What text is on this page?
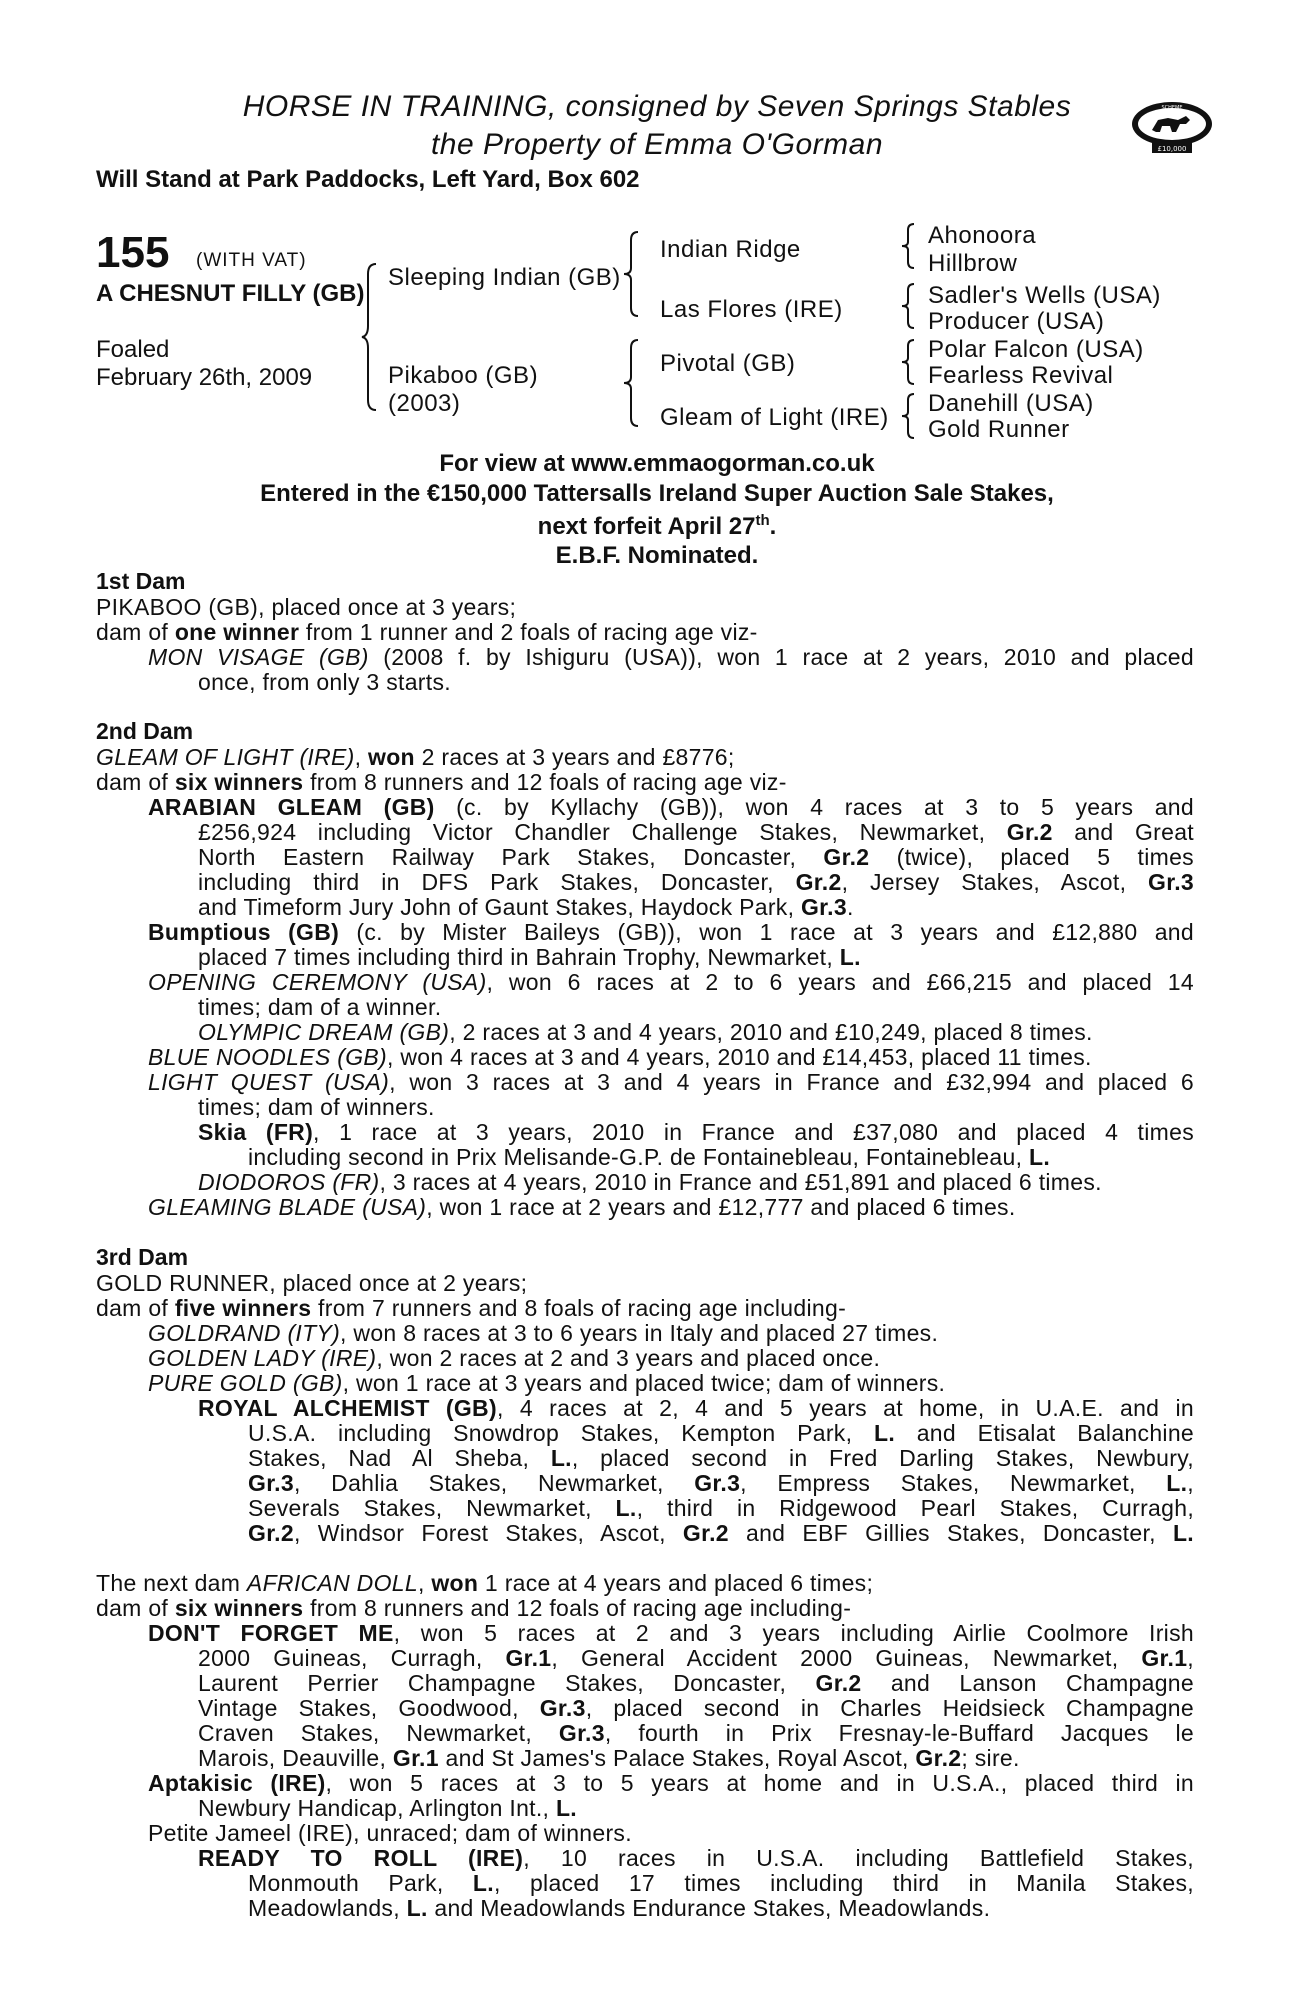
HORSE IN TRAINING, consigned by Seven Springs Stables
the Property of Emma O'Gorman
Will Stand at Park Paddocks, Left Yard, Box 602
SCHEME
£10,000
155 (WITH VAT)
A CHESNUT FILLY (GB)
Foaled
February 26th, 2009
Sleeping Indian (GB)
Pikaboo (GB)
(2003)
Indian Ridge
Las Flores (IRE)
Pivotal (GB)
Gleam of Light (IRE)
Ahonoora
Hillbrow
Sadler's Wells (USA)
Producer (USA)
Polar Falcon (USA)
Fearless Revival
Danehill (USA)
Gold Runner
For view at www.emmaogorman.co.uk
Entered in the €150,000 Tattersalls Ireland Super Auction Sale Stakes,
next forfeit April 27th.
E.B.F. Nominated.
1st Dam
PIKABOO (GB), placed once at 3 years;
dam of one winner from 1 runner and 2 foals of racing age viz-
MON VISAGE (GB) (2008 f. by Ishiguru (USA)), won 1 race at 2 years, 2010 and placed
once, from only 3 starts.
2nd Dam
GLEAM OF LIGHT (IRE), won 2 races at 3 years and £8776;
dam of six winners from 8 runners and 12 foals of racing age viz-
ARABIAN GLEAM (GB) (c. by Kyllachy (GB)), won 4 races at 3 to 5 years and
£256,924 including Victor Chandler Challenge Stakes, Newmarket, Gr.2 and Great
North Eastern Railway Park Stakes, Doncaster, Gr.2 (twice), placed 5 times
including third in DFS Park Stakes, Doncaster, Gr.2, Jersey Stakes, Ascot, Gr.3
and Timeform Jury John of Gaunt Stakes, Haydock Park, Gr.3.
Bumptious (GB) (c. by Mister Baileys (GB)), won 1 race at 3 years and £12,880 and
placed 7 times including third in Bahrain Trophy, Newmarket, L.
OPENING CEREMONY (USA), won 6 races at 2 to 6 years and £66,215 and placed 14
times; dam of a winner.
OLYMPIC DREAM (GB), 2 races at 3 and 4 years, 2010 and £10,249, placed 8 times.
BLUE NOODLES (GB), won 4 races at 3 and 4 years, 2010 and £14,453, placed 11 times.
LIGHT QUEST (USA), won 3 races at 3 and 4 years in France and £32,994 and placed 6
times; dam of winners.
Skia (FR), 1 race at 3 years, 2010 in France and £37,080 and placed 4 times
including second in Prix Melisande-G.P. de Fontainebleau, Fontainebleau, L.
DIODOROS (FR), 3 races at 4 years, 2010 in France and £51,891 and placed 6 times.
GLEAMING BLADE (USA), won 1 race at 2 years and £12,777 and placed 6 times.
3rd Dam
GOLD RUNNER, placed once at 2 years;
dam of five winners from 7 runners and 8 foals of racing age including-
GOLDRAND (ITY), won 8 races at 3 to 6 years in Italy and placed 27 times.
GOLDEN LADY (IRE), won 2 races at 2 and 3 years and placed once.
PURE GOLD (GB), won 1 race at 3 years and placed twice; dam of winners.
ROYAL ALCHEMIST (GB), 4 races at 2, 4 and 5 years at home, in U.A.E. and in
U.S.A. including Snowdrop Stakes, Kempton Park, L. and Etisalat Balanchine
Stakes, Nad Al Sheba, L., placed second in Fred Darling Stakes, Newbury,
Gr.3, Dahlia Stakes, Newmarket, Gr.3, Empress Stakes, Newmarket, L.,
Severals Stakes, Newmarket, L., third in Ridgewood Pearl Stakes, Curragh,
Gr.2, Windsor Forest Stakes, Ascot, Gr.2 and EBF Gillies Stakes, Doncaster, L.
The next dam AFRICAN DOLL, won 1 race at 4 years and placed 6 times;
dam of six winners from 8 runners and 12 foals of racing age including-
DON'T FORGET ME, won 5 races at 2 and 3 years including Airlie Coolmore Irish
2000 Guineas, Curragh, Gr.1, General Accident 2000 Guineas, Newmarket, Gr.1,
Laurent Perrier Champagne Stakes, Doncaster, Gr.2 and Lanson Champagne
Vintage Stakes, Goodwood, Gr.3, placed second in Charles Heidsieck Champagne
Craven Stakes, Newmarket, Gr.3, fourth in Prix Fresnay-le-Buffard Jacques le
Marois, Deauville, Gr.1 and St James's Palace Stakes, Royal Ascot, Gr.2; sire.
Aptakisic (IRE), won 5 races at 3 to 5 years at home and in U.S.A., placed third in
Newbury Handicap, Arlington Int., L.
Petite Jameel (IRE), unraced; dam of winners.
READY TO ROLL (IRE), 10 races in U.S.A. including Battlefield Stakes,
Monmouth Park, L., placed 17 times including third in Manila Stakes,
Meadowlands, L. and Meadowlands Endurance Stakes, Meadowlands.
